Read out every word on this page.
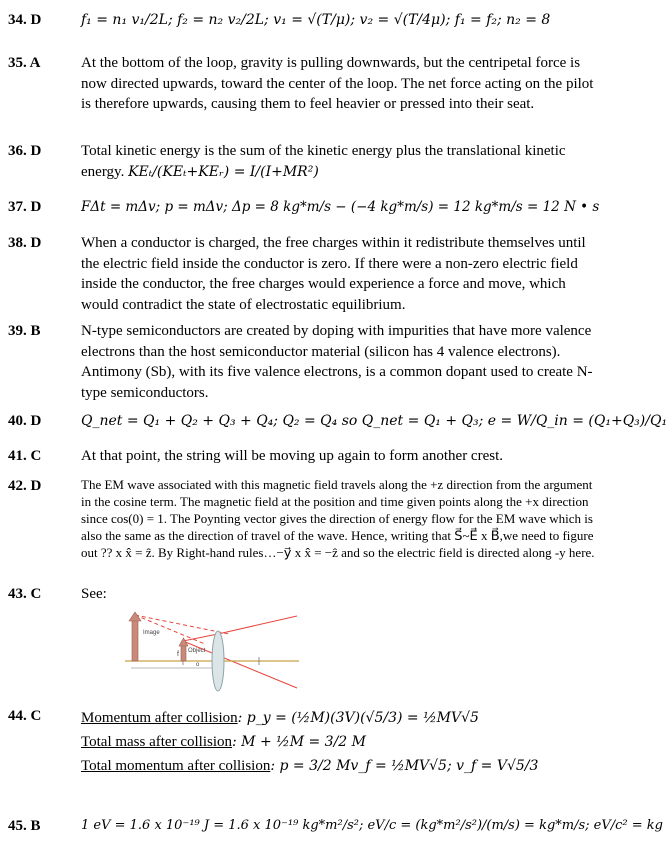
34. D	f₁ = n₁ v₁/2L; f₂ = n₂ v₂/2L; v₁ = √(T/μ); v₂ = √(T/4μ); f₁ = f₂; n₂ = 8
35. A	At the bottom of the loop, gravity is pulling downwards, but the centripetal force is now directed upwards, toward the center of the loop. The net force acting on the pilot is therefore upwards, causing them to feel heavier or pressed into their seat.
36. D	Total kinetic energy is the sum of the kinetic energy plus the translational kinetic energy. KEₜ/(KEₜ+KEᵣ) = I/(I+MR²)
37. D	FΔt = mΔv; p = mΔv; Δp = 8 kg*m/s − (−4 kg*m/s) = 12 kg*m/s = 12 N • s
38. D	When a conductor is charged, the free charges within it redistribute themselves until the electric field inside the conductor is zero. If there were a non-zero electric field inside the conductor, the free charges would experience a force and move, which would contradict the state of electrostatic equilibrium.
39. B	N-type semiconductors are created by doping with impurities that have more valence electrons than the host semiconductor material (silicon has 4 valence electrons). Antimony (Sb), with its five valence electrons, is a common dopant used to create N-type semiconductors.
40. D	Q_net = Q₁ + Q₂ + Q₃ + Q₄; Q₂ = Q₄ so Q_net = Q₁ + Q₃; e = W/Q_in = (Q₁+Q₃)/Q₁
41. C	At that point, the string will be moving up again to form another crest.
42. D	The EM wave associated with this magnetic field travels along the +z direction from the argument in the cosine term. The magnetic field at the position and time given points along the +x direction since cos(0) = 1. The Poynting vector gives the direction of energy flow for the EM wave which is also the same as the direction of travel of the wave. Hence, writing that S⃗~E⃗ x B⃗,we need to figure out ?? x x̂ = ẑ. By Right-hand rules…−y⃗ x x̂ = −ẑ and so the electric field is directed along -y here.
43. C	See:
Image
f Object
o
44. C	Momentum after collision: p_y = (½M)(3V)(√5/3) = ½MV√5
Total mass after collision: M + ½M = 3/2 M
Total momentum after collision: p = 3/2 Mv_f = ½MV√5; v_f = V√5/3
45. B	1 eV = 1.6 x 10⁻¹⁹ J = 1.6 x 10⁻¹⁹ kg*m²/s²; eV/c = (kg*m²/s²)/(m/s) = kg*m/s; eV/c² = kg
